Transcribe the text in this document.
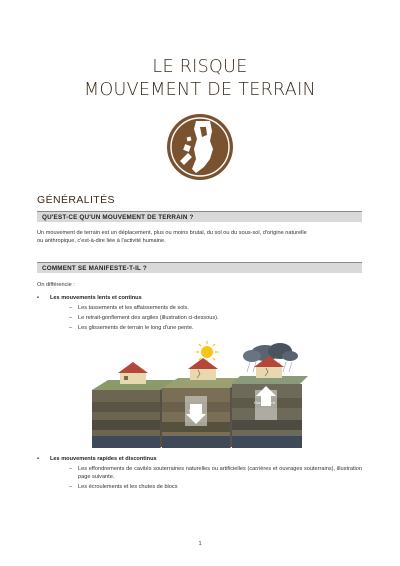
LE RISQUE
MOUVEMENT DE TERRAIN
GÉNÉRALITÉS
QU'EST-CE QU'UN MOUVEMENT DE TERRAIN ?
Un mouvement de terrain est un déplacement, plus ou moins brutal, du sol ou du sous-sol, d'origine naturelle
ou anthropique, c'est-à-dire liée à l'activité humaine.
COMMENT SE MANIFESTE-T-IL ?
On différencie :
• Les mouvements lents et continus
– Les tassements et les affaissements de sols.
– Le retrait-gonflement des argiles (illustration ci-dessous).
– Les glissements de terrain le long d'une pente.
Retrait
Gonflement
• Les mouvements rapides et discontinus
– Les effondrements de cavités souterraines naturelles ou artificielles (carrières et ouvrages souterrains), illustration page suivante.
– Les écroulements et les chutes de blocs
1
